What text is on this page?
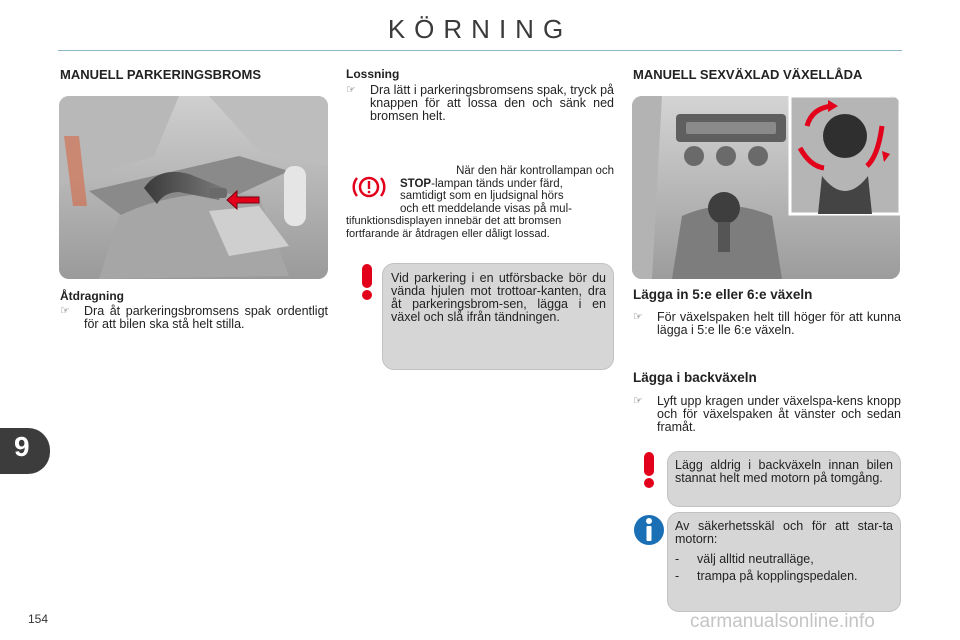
KÖRNING
MANUELL PARKERINGSBROMS
Åtdragning
☞ Dra åt parkeringsbromsens spak ordentligt för att bilen ska stå helt stilla.
Lossning
☞ Dra lätt i parkeringsbromsens spak, tryck på knappen för att lossa den och sänk ned bromsen helt.
När den här kontrollampan och
STOP-lampan tänds under färd,
samtidigt som en ljudsignal hörs
och ett meddelande visas på mul-
tifunktionsdisplayen innebär det att bromsen
fortfarande är åtdragen eller dåligt lossad.
Vid parkering i en utförsbacke bör du vända hjulen mot trottoar-kanten, dra åt parkeringsbrom-sen, lägga i en växel och slå ifrån tändningen.
MANUELL SEXVÄXLAD VÄXELLÅDA
Lägga in 5:e eller 6:e växeln
☞ För växelspaken helt till höger för att kunna lägga i 5:e lle 6:e växeln.
Lägga i backväxeln
☞ Lyft upp kragen under växelspa-kens knopp och för växelspaken åt vänster och sedan framåt.
Lägg aldrig i backväxeln innan bilen stannat helt med motorn på tomgång.
Av säkerhetsskäl och för att star-ta motorn:
-	välj alltid neutralläge,
-	trampa på kopplingspedalen.
9
154	carmanualsonline.info
